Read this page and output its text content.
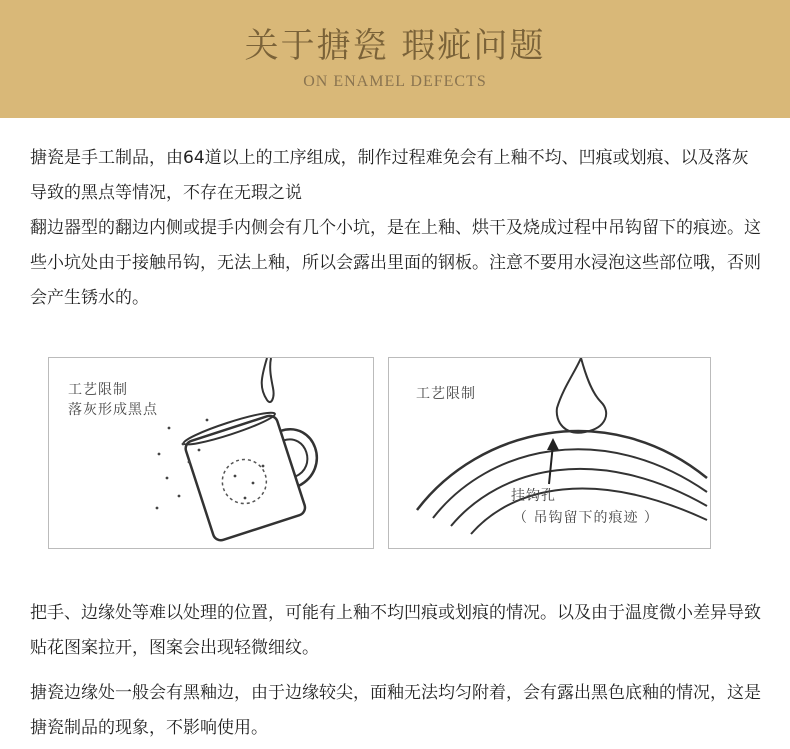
关于搪瓷 瑕疵问题
ON ENAMEL DEFECTS

搪瓷是手工制品，由64道以上的工序组成，制作过程难免会有上釉不均、凹痕或划痕、以及落灰导致的黑点等情况，不存在无瑕之说

翻边器型的翻边内侧或提手内侧会有几个小坑，是在上釉、烘干及烧成过程中吊钩留下的痕迹。这些小坑处由于接触吊钩，无法上釉，所以会露出里面的钢板。注意不要用水浸泡这些部位哦，否则会产生锈水的。

工艺限制
落灰形成黑点
工艺限制
挂钩孔
（ 吊钩留下的痕迹 ）

把手、边缘处等难以处理的位置，可能有上釉不均凹痕或划痕的情况。以及由于温度微小差异导致贴花图案拉开，图案会出现轻微细纹。

搪瓷边缘处一般会有黑釉边，由于边缘较尖，面釉无法均匀附着，会有露出黑色底釉的情况，这是搪瓷制品的现象，不影响使用。
